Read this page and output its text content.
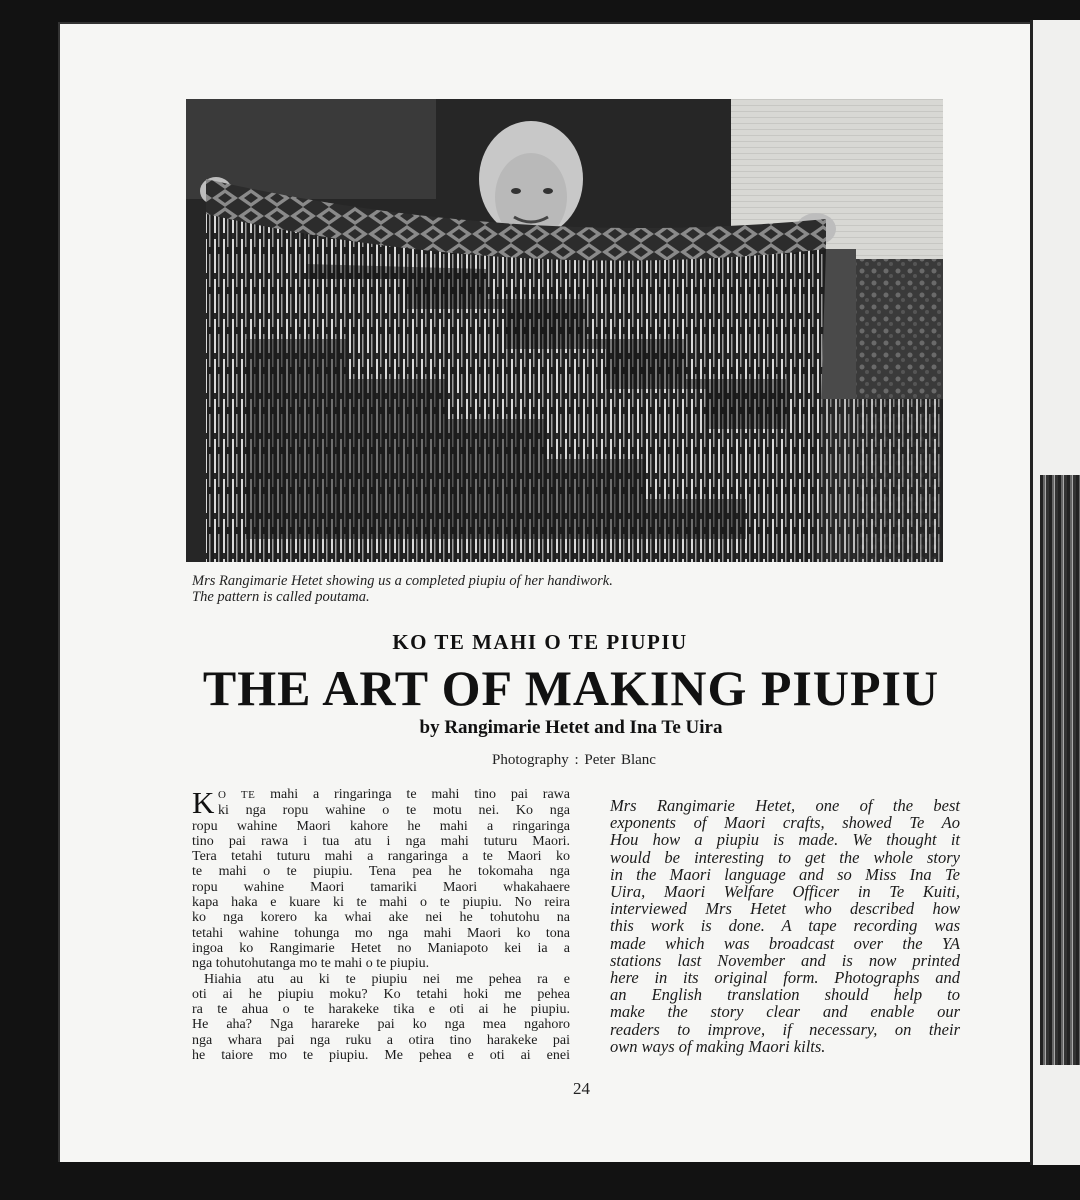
Mrs Rangimarie Hetet showing us a completed piupiu of her handiwork.
The pattern is called poutama.
KO TE MAHI O TE PIUPIU
THE ART OF MAKING PIUPIU
by Rangimarie Hetet and Ina Te Uira
Photography : Peter Blanc
K O TE mahi a ringaringa te mahi tino pai rawa
ki nga ropu wahine o te motu nei. Ko nga
ropu wahine Maori kahore he mahi a ringaringa
tino pai rawa i tua atu i nga mahi tuturu Maori.
Tera tetahi tuturu mahi a rangaringa a te Maori ko
te mahi o te piupiu. Tena pea he tokomaha nga
ropu wahine Maori tamariki Maori whakahaere
kapa haka e kuare ki te mahi o te piupiu. No reira
ko nga korero ka whai ake nei he tohutohu na
tetahi wahine tohunga mo nga mahi Maori ko tona
ingoa ko Rangimarie Hetet no Maniapoto kei ia a
nga tohutohutanga mo te mahi o te piupiu.
Hiahia atu au ki te piupiu nei me pehea ra e
oti ai he piupiu moku? Ko tetahi hoki me pehea
ra te ahua o te harakeke tika e oti ai he piupiu.
He aha? Nga harareke pai ko nga mea ngahoro
nga whara pai nga ruku a otira tino harakeke pai
he taiore mo te piupiu. Me pehea e oti ai enei
Mrs Rangimarie Hetet, one of the best
exponents of Maori crafts, showed Te Ao
Hou how a piupiu is made. We thought it
would be interesting to get the whole story
in the Maori language and so Miss Ina Te
Uira, Maori Welfare Officer in Te Kuiti,
interviewed Mrs Hetet who described how
this work is done. A tape recording was
made which was broadcast over the YA
stations last November and is now printed
here in its original form. Photographs and
an English translation should help to
make the story clear and enable our
readers to improve, if necessary, on their
own ways of making Maori kilts.
24
